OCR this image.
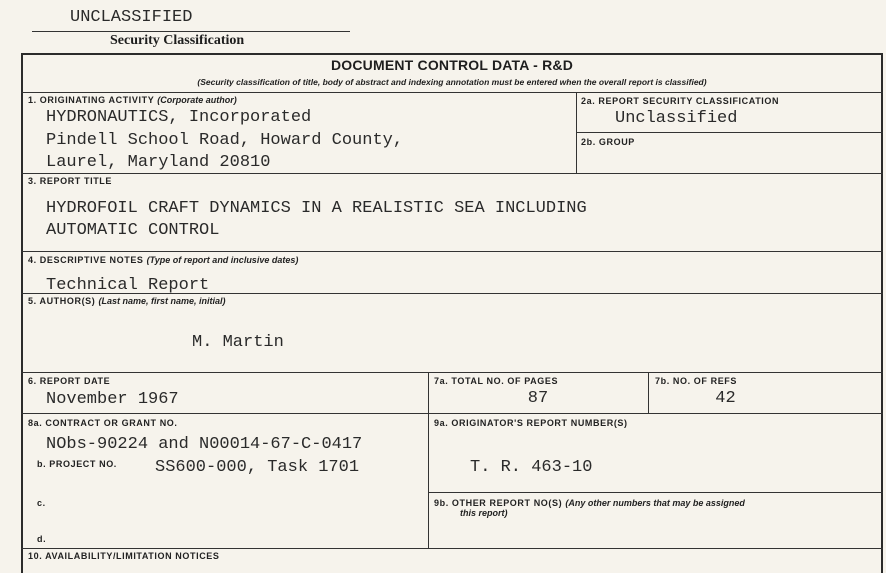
UNCLASSIFIED
Security Classification
DOCUMENT CONTROL DATA - R&D
(Security classification of title, body of abstract and indexing annotation must be entered when the overall report is classified)
1. ORIGINATING ACTIVITY (Corporate author)
HYDRONAUTICS, Incorporated
Pindell School Road, Howard County,
Laurel, Maryland 20810
2a. REPORT SECURITY CLASSIFICATION
Unclassified
2b. GROUP
3. REPORT TITLE
HYDROFOIL CRAFT DYNAMICS IN A REALISTIC SEA INCLUDING
AUTOMATIC CONTROL
4. DESCRIPTIVE NOTES (Type of report and inclusive dates)
Technical Report
5. AUTHOR(S) (Last name, first name, initial)
M. Martin
6. REPORT DATE
November 1967
7a. TOTAL NO. OF PAGES
87
7b. NO. OF REFS
42
8a. CONTRACT OR GRANT NO.
NObs-90224 and N00014-67-C-0417
b. PROJECT NO. SS600-000, Task 1701
c.
d.
9a. ORIGINATOR'S REPORT NUMBER(S)
T. R. 463-10
9b. OTHER REPORT NO(S) (Any other numbers that may be assigned
this report)
10. AVAILABILITY/LIMITATION NOTICES
